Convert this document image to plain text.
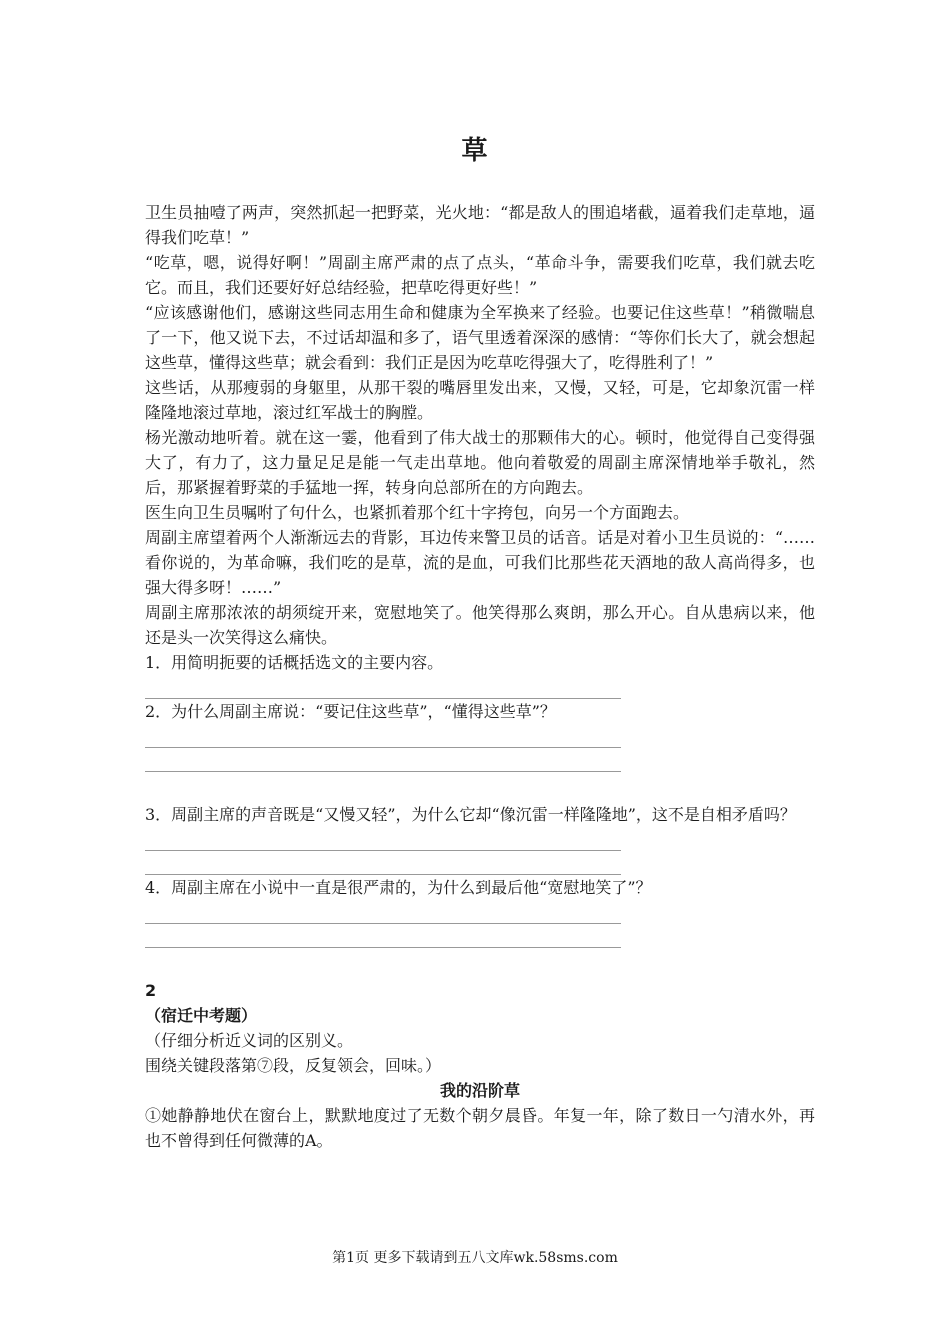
草

卫生员抽噎了两声，突然抓起一把野菜，光火地：“都是敌人的围追堵截，逼着我们走草地，逼得我们吃草！”

“吃草，嗯，说得好啊！”周副主席严肃的点了点头，“革命斗争，需要我们吃草，我们就去吃它。而且，我们还要好好总结经验，把草吃得更好些！”

“应该感谢他们，感谢这些同志用生命和健康为全军换来了经验。也要记住这些草！”稍微喘息了一下，他又说下去，不过话却温和多了，语气里透着深深的感情：“等你们长大了，就会想起这些草，懂得这些草；就会看到：我们正是因为吃草吃得强大了，吃得胜利了！”

这些话，从那瘦弱的身躯里，从那干裂的嘴唇里发出来，又慢，又轻，可是，它却象沉雷一样隆隆地滚过草地，滚过红军战士的胸膛。

杨光激动地听着。就在这一霎，他看到了伟大战士的那颗伟大的心。顿时，他觉得自己变得强大了，有力了，这力量足足是能一气走出草地。他向着敬爱的周副主席深情地举手敬礼，然后，那紧握着野菜的手猛地一挥，转身向总部所在的方向跑去。

医生向卫生员嘱咐了句什么，也紧抓着那个红十字挎包，向另一个方面跑去。

周副主席望着两个人渐渐远去的背影，耳边传来警卫员的话音。话是对着小卫生员说的：“……看你说的，为革命嘛，我们吃的是草，流的是血，可我们比那些花天酒地的敌人高尚得多，也强大得多呀！……”

周副主席那浓浓的胡须绽开来，宽慰地笑了。他笑得那么爽朗，那么开心。自从患病以来，他还是头一次笑得这么痛快。

1．用简明扼要的话概括选文的主要内容。

2．为什么周副主席说：“要记住这些草”，“懂得这些草”？

3．周副主席的声音既是“又慢又轻”，为什么它却“像沉雷一样隆隆地”，这不是自相矛盾吗？

4．周副主席在小说中一直是很严肃的，为什么到最后他“宽慰地笑了”？

2

（宿迁中考题）

（仔细分析近义词的区别义。

围绕关键段落第⑦段，反复领会，回味。）

我的沿阶草

①她静静地伏在窗台上，默默地度过了无数个朝夕晨昏。年复一年，除了数日一勺清水外，再也不曾得到任何微薄的A。

第1页 更多下载请到五八文库wk.58sms.com
